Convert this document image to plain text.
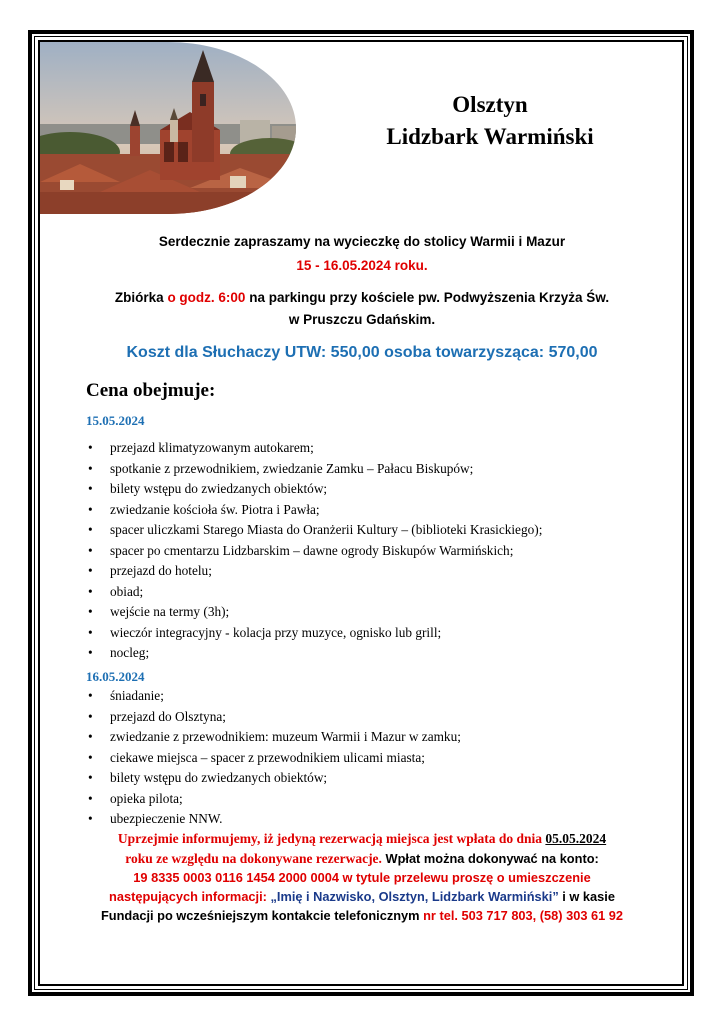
Olsztyn
Lidzbark Warmiński
Serdecznie zapraszamy na wycieczkę do stolicy Warmii i Mazur
15 - 16.05.2024 roku.
Zbiórka o godz. 6:00 na parkingu przy kościele pw. Podwyższenia Krzyża Św.
w Pruszczu Gdańskim.
Koszt dla Słuchaczy UTW: 550,00 osoba towarzysząca: 570,00
Cena obejmuje:
15.05.2024
• przejazd klimatyzowanym autokarem;
• spotkanie z przewodnikiem, zwiedzanie Zamku – Pałacu Biskupów;
• bilety wstępu do zwiedzanych obiektów;
• zwiedzanie kościoła św. Piotra i Pawła;
• spacer uliczkami Starego Miasta do Oranżerii Kultury – (biblioteki Krasickiego);
• spacer po cmentarzu Lidzbarskim – dawne ogrody Biskupów Warmińskich;
• przejazd do hotelu;
• obiad;
• wejście na termy (3h);
• wieczór integracyjny - kolacja przy muzyce, ognisko lub grill;
• nocleg;
16.05.2024
• śniadanie;
• przejazd do Olsztyna;
• zwiedzanie z przewodnikiem: muzeum Warmii i Mazur w zamku;
• ciekawe miejsca – spacer z przewodnikiem ulicami miasta;
• bilety wstępu do zwiedzanych obiektów;
• opieka pilota;
• ubezpieczenie NNW.
Uprzejmie informujemy, iż jedyną rezerwacją miejsca jest wpłata do dnia 05.05.2024
roku ze względu na dokonywane rezerwacje. Wpłat można dokonywać na konto:
19 8335 0003 0116 1454 2000 0004 w tytule przelewu proszę o umieszczenie
następujących informacji: „Imię i Nazwisko, Olsztyn, Lidzbark Warmiński” i w kasie
Fundacji po wcześniejszym kontakcie telefonicznym nr tel. 503 717 803, (58) 303 61 92
